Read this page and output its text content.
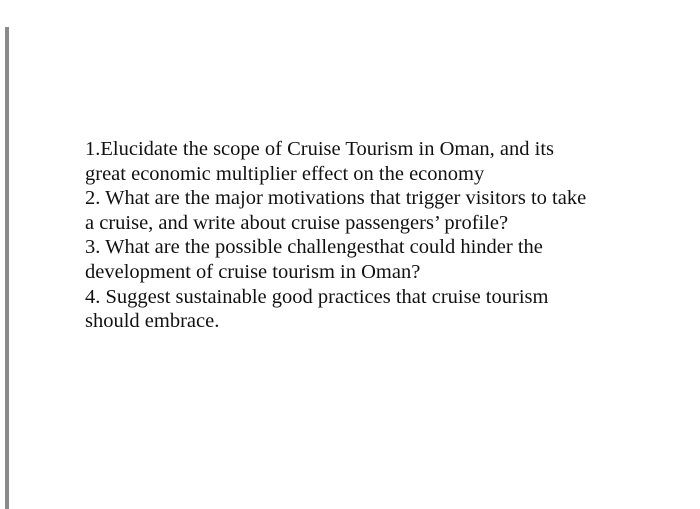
1.Elucidate the scope of Cruise Tourism in Oman, and its
great economic multiplier effect on the economy
2. What are the major motivations that trigger visitors to take
a cruise, and write about cruise passengers’ profile?
3. What are the possible challengesthat could hinder the
development of cruise tourism in Oman?
4. Suggest sustainable good practices that cruise tourism
should embrace.
